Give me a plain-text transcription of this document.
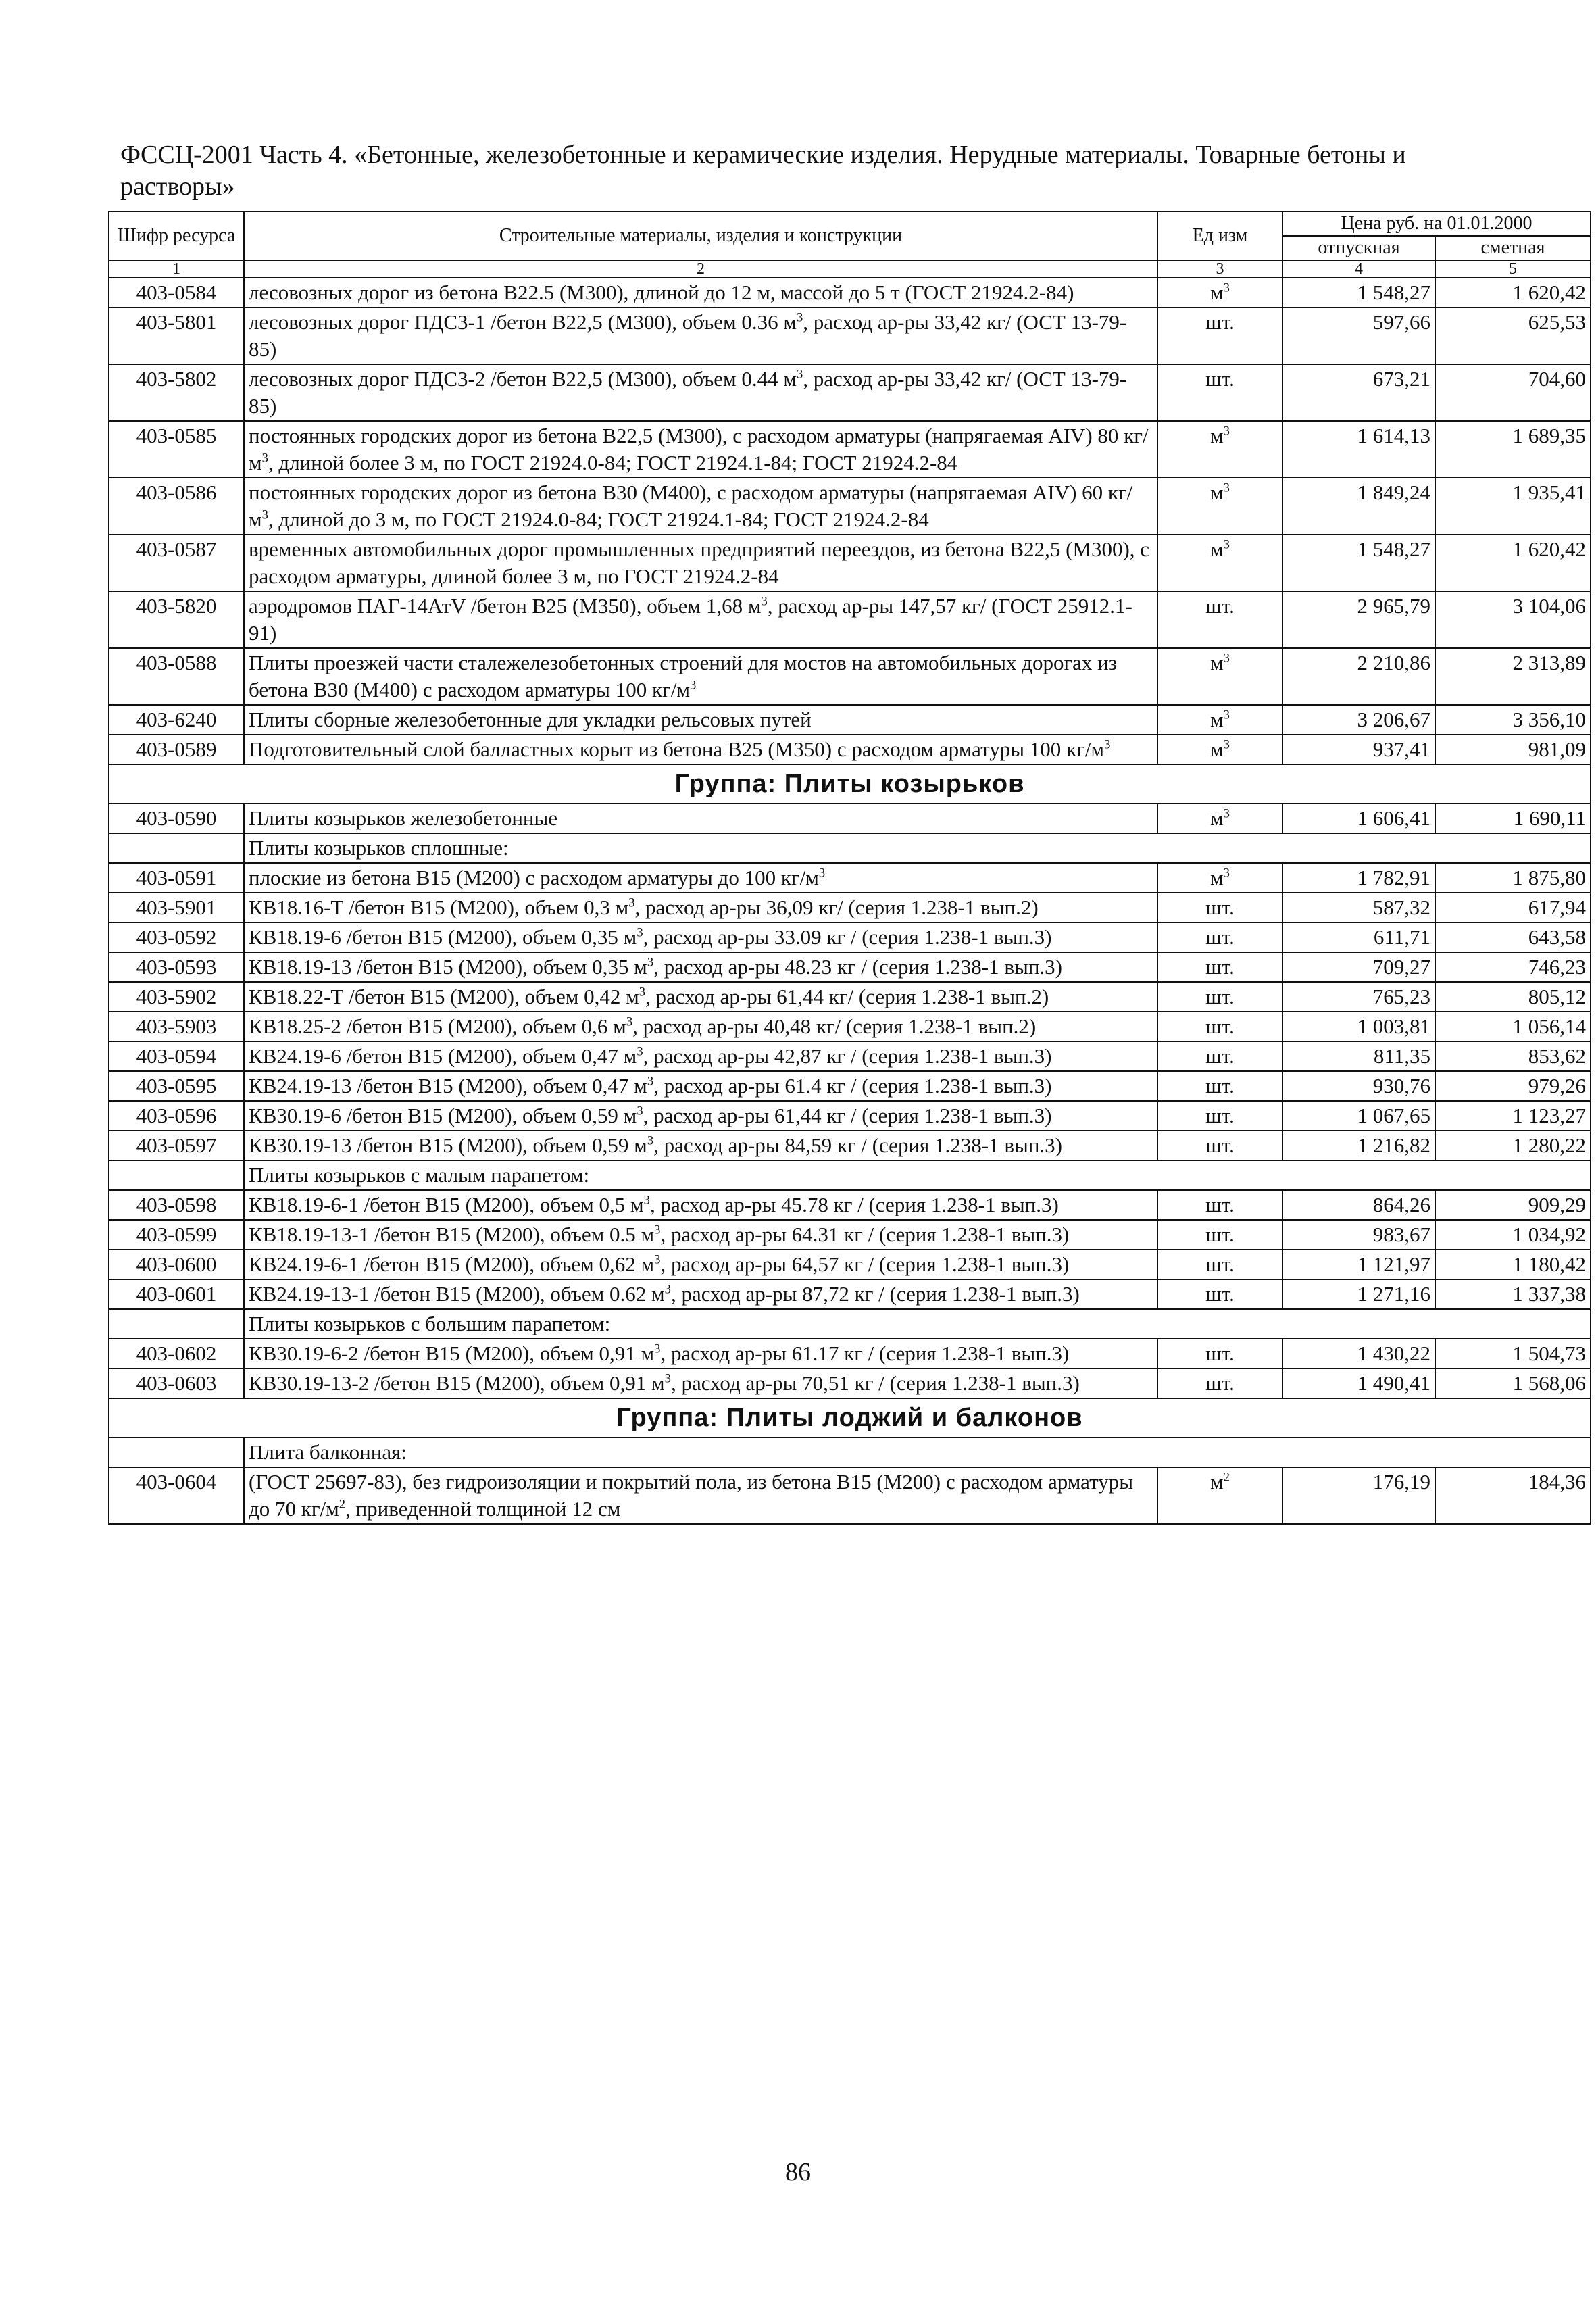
ФССЦ-2001 Часть 4. «Бетонные, железобетонные и керамические изделия. Нерудные материалы. Товарные бетоны и растворы»
Шифр ресурса	Строительные материалы, изделия и конструкции	Ед изм	Цена руб. на 01.01.2000	
			отпускная	сметная
1	2	3	4	5
403-0584	лесовозных дорог из бетона В22.5 (М300), длиной до 12 м, массой до 5 т (ГОСТ 21924.2-84)	$м^3$	1 548,27	1 620,42
403-5801	лесовозных дорог ПДС3-1 /бетон В22,5 (М300), объем 0.36 $м^3$, расход ар-ры 33,42 кг/ (ОСТ 13-79-85)	шт.	597,66	625,53
403-5802	лесовозных дорог ПДС3-2 /бетон В22,5 (М300), объем 0.44 $м^3$, расход ар-ры 33,42 кг/ (ОСТ 13-79-85)	шт.	673,21	704,60
403-0585	постоянных городских дорог из бетона В22,5 (М300), с расходом арматуры (напрягаемая AIV) 80 $кг/м^3$, длиной более 3 м, по ГОСТ 21924.0-84; ГОСТ 21924.1-84; ГОСТ 21924.2-84	$м^3$	1 614,13	1 689,35
403-0586	постоянных городских дорог из бетона В30 (М400), с расходом арматуры (напрягаемая AIV) 60 $кг/м^3$, длиной до 3 м, по ГОСТ 21924.0-84; ГОСТ 21924.1-84; ГОСТ 21924.2-84	$м^3$	1 849,24	1 935,41
403-0587	временных автомобильных дорог промышленных предприятий переездов, из бетона В22,5 (М300), с расходом арматуры, длиной более 3 м, по ГОСТ 21924.2-84	$м^3$	1 548,27	1 620,42
403-5820	аэродромов ПАГ-14АтV /бетон В25 (М350), объем 1,68 $м^3$, расход ар-ры 147,57 кг/ (ГОСТ 25912.1-91)	шт.	2 965,79	3 104,06
403-0588	Плиты проезжей части сталежелезобетонных строений для мостов на автомобильных дорогах из бетона В30 (М400) с расходом арматуры 100 $кг/м^3$	$м^3$	2 210,86	2 313,89
403-6240	Плиты сборные железобетонные для укладки рельсовых путей	$м^3$	3 206,67	3 356,10
403-0589	Подготовительный слой балластных корыт из бетона В25 (М350) с расходом арматуры 100 $кг/м^3$	$м^3$	937,41	981,09
Группа: Плиты козырьков				
403-0590	Плиты козырьков железобетонные	$м^3$	1 606,41	1 690,11
	Плиты козырьков сплошные:			
403-0591	плоские из бетона В15 (М200) с расходом арматуры до 100 $кг/м^3$	$м^3$	1 782,91	1 875,80
403-5901	КВ18.16-Т /бетон В15 (М200), объем 0,3 $м^3$, расход ар-ры 36,09 кг/ (серия 1.238-1 вып.2)	шт.	587,32	617,94
403-0592	КВ18.19-6 /бетон В15 (М200), объем 0,35 $м^3$, расход ар-ры 33.09 кг / (серия 1.238-1 вып.3)	шт.	611,71	643,58
403-0593	КВ18.19-13 /бетон В15 (М200), объем 0,35 $м^3$, расход ар-ры 48.23 кг / (серия 1.238-1 вып.3)	шт.	709,27	746,23
403-5902	КВ18.22-Т /бетон В15 (М200), объем 0,42 $м^3$, расход ар-ры 61,44 кг/ (серия 1.238-1 вып.2)	шт.	765,23	805,12
403-5903	КВ18.25-2 /бетон В15 (М200), объем 0,6 $м^3$, расход ар-ры 40,48 кг/ (серия 1.238-1 вып.2)	шт.	1 003,81	1 056,14
403-0594	КВ24.19-6 /бетон В15 (М200), объем 0,47 $м^3$, расход ар-ры 42,87 кг / (серия 1.238-1 вып.3)	шт.	811,35	853,62
403-0595	КВ24.19-13 /бетон В15 (М200), объем 0,47 $м^3$, расход ар-ры 61.4 кг / (серия 1.238-1 вып.3)	шт.	930,76	979,26
403-0596	КВ30.19-6 /бетон В15 (М200), объем 0,59 $м^3$, расход ар-ры 61,44 кг / (серия 1.238-1 вып.3)	шт.	1 067,65	1 123,27
403-0597	КВ30.19-13 /бетон В15 (М200), объем 0,59 $м^3$, расход ар-ры 84,59 кг / (серия 1.238-1 вып.3)	шт.	1 216,82	1 280,22
	Плиты козырьков с малым парапетом:			
403-0598	КВ18.19-6-1 /бетон В15 (М200), объем 0,5 $м^3$, расход ар-ры 45.78 кг / (серия 1.238-1 вып.3)	шт.	864,26	909,29
403-0599	КВ18.19-13-1 /бетон В15 (М200), объем 0.5 $м^3$, расход ар-ры 64.31 кг / (серия 1.238-1 вып.3)	шт.	983,67	1 034,92
403-0600	КВ24.19-6-1 /бетон В15 (М200), объем 0,62 $м^3$, расход ар-ры 64,57 кг / (серия 1.238-1 вып.3)	шт.	1 121,97	1 180,42
403-0601	КВ24.19-13-1 /бетон В15 (М200), объем 0.62 $м^3$, расход ар-ры 87,72 кг / (серия 1.238-1 вып.3)	шт.	1 271,16	1 337,38
	Плиты козырьков с большим парапетом:			
403-0602	КВ30.19-6-2 /бетон В15 (М200), объем 0,91 $м^3$, расход ар-ры 61.17 кг / (серия 1.238-1 вып.3)	шт.	1 430,22	1 504,73
403-0603	КВ30.19-13-2 /бетон В15 (М200), объем 0,91 $м^3$, расход ар-ры 70,51 кг / (серия 1.238-1 вып.3)	шт.	1 490,41	1 568,06
Группа: Плиты лоджий и балконов				
	Плита балконная:			
403-0604	(ГОСТ 25697-83), без гидроизоляции и покрытий пола, из бетона В15 (М200) с расходом арматуры до 70 $кг/м^2$, приведенной толщиной 12 см	$м^2$	176,19	184,36
86
